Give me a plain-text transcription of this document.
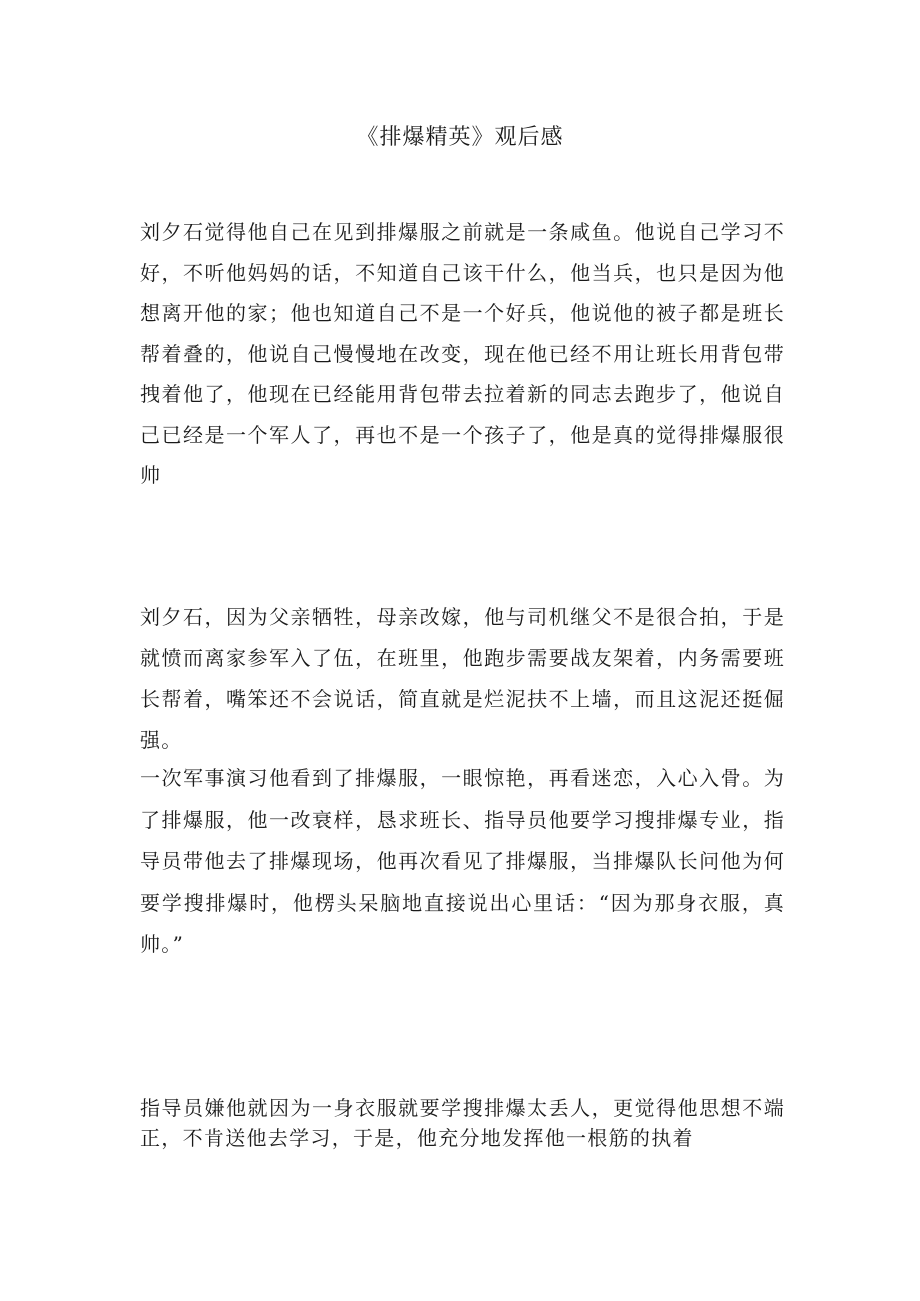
《排爆精英》观后感
刘夕石觉得他自己在见到排爆服之前就是一条咸鱼。他说自己学习不好，不听他妈妈的话，不知道自己该干什么，他当兵，也只是因为他想离开他的家；他也知道自己不是一个好兵，他说他的被子都是班长帮着叠的，他说自己慢慢地在改变，现在他已经不用让班长用背包带拽着他了，他现在已经能用背包带去拉着新的同志去跑步了，他说自己已经是一个军人了，再也不是一个孩子了，他是真的觉得排爆服很帅
刘夕石，因为父亲牺牲，母亲改嫁，他与司机继父不是很合拍，于是就愤而离家参军入了伍，在班里，他跑步需要战友架着，内务需要班长帮着，嘴笨还不会说话，简直就是烂泥扶不上墙，而且这泥还挺倔强。
一次军事演习他看到了排爆服，一眼惊艳，再看迷恋，入心入骨。为了排爆服，他一改衰样，恳求班长、指导员他要学习搜排爆专业，指导员带他去了排爆现场，他再次看见了排爆服，当排爆队长问他为何要学搜排爆时，他楞头呆脑地直接说出心里话：“因为那身衣服，真帅。”
指导员嫌他就因为一身衣服就要学搜排爆太丢人，更觉得他思想不端正，不肯送他去学习，于是，他充分地发挥他一根筋的执着
